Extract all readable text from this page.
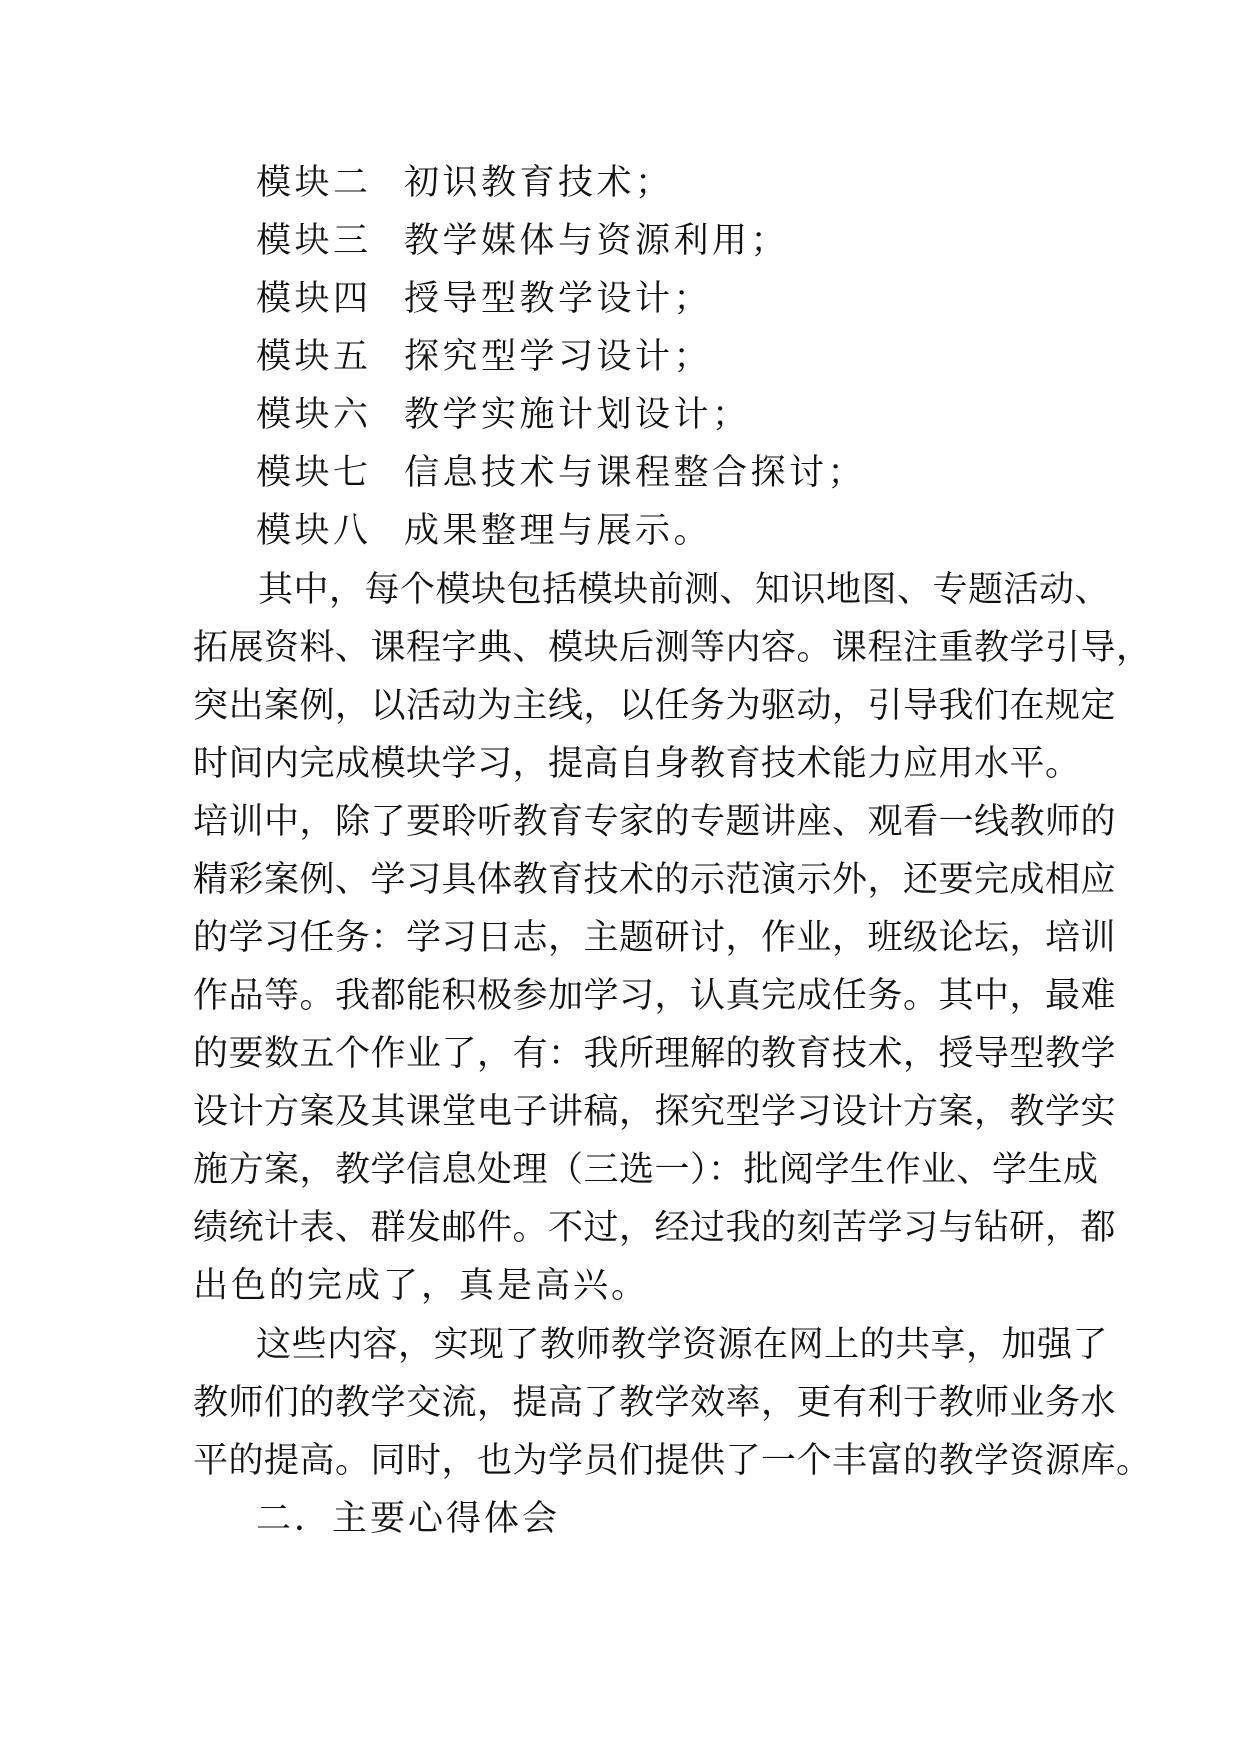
模块二 初识教育技术；
模块三 教学媒体与资源利用；
模块四 授导型教学设计；
模块五 探究型学习设计；
模块六 教学实施计划设计；
模块七 信息技术与课程整合探讨；
模块八 成果整理与展示。
其中，每个模块包括模块前测、知识地图、专题活动、
拓展资料、课程字典、模块后测等内容。课程注重教学引导，
突出案例，以活动为主线，以任务为驱动，引导我们在规定
时间内完成模块学习，提高自身教育技术能力应用水平。
培训中，除了要聆听教育专家的专题讲座、观看一线教师的
精彩案例、学习具体教育技术的示范演示外，还要完成相应
的学习任务：学习日志，主题研讨，作业，班级论坛，培训
作品等。我都能积极参加学习，认真完成任务。其中，最难
的要数五个作业了，有：我所理解的教育技术，授导型教学
设计方案及其课堂电子讲稿，探究型学习设计方案，教学实
施方案，教学信息处理（三选一）：批阅学生作业、学生成
绩统计表、群发邮件。不过，经过我的刻苦学习与钻研，都
出色的完成了，真是高兴。
这些内容，实现了教师教学资源在网上的共享，加强了
教师们的教学交流，提高了教学效率，更有利于教师业务水
平的提高。同时，也为学员们提供了一个丰富的教学资源库。
二．主要心得体会
